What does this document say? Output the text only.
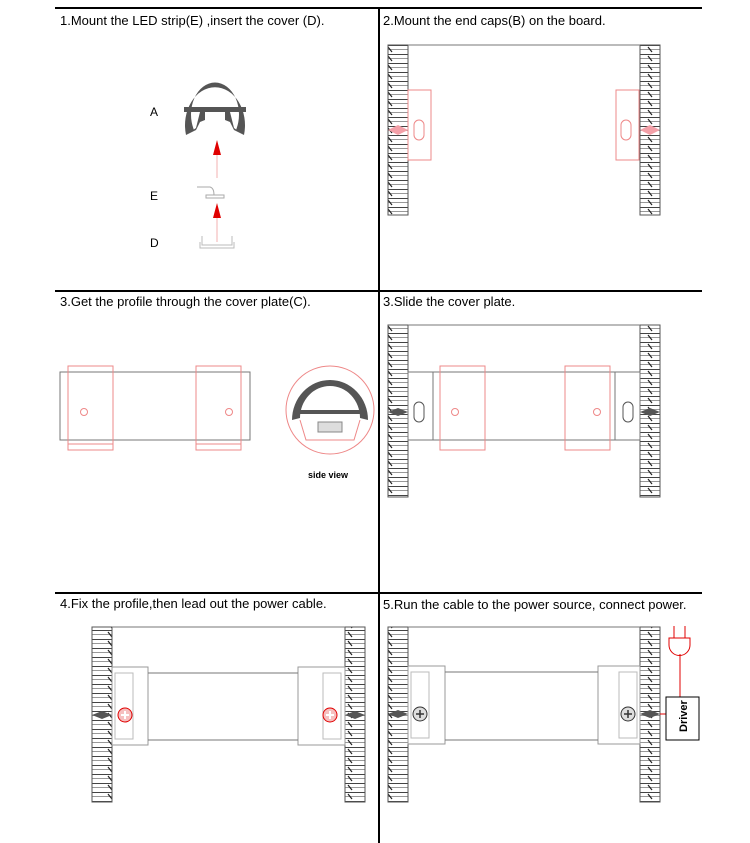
A
E
D
side view
Driver
1.Mount the LED strip(E) ,insert the cover (D).	2.Mount the end caps(B) on the board.
3.Get the profile through the cover plate(C).	3.Slide the cover plate.
4.Fix the profile,then lead out the power cable.	5.Run the cable to the power source, connect power.
